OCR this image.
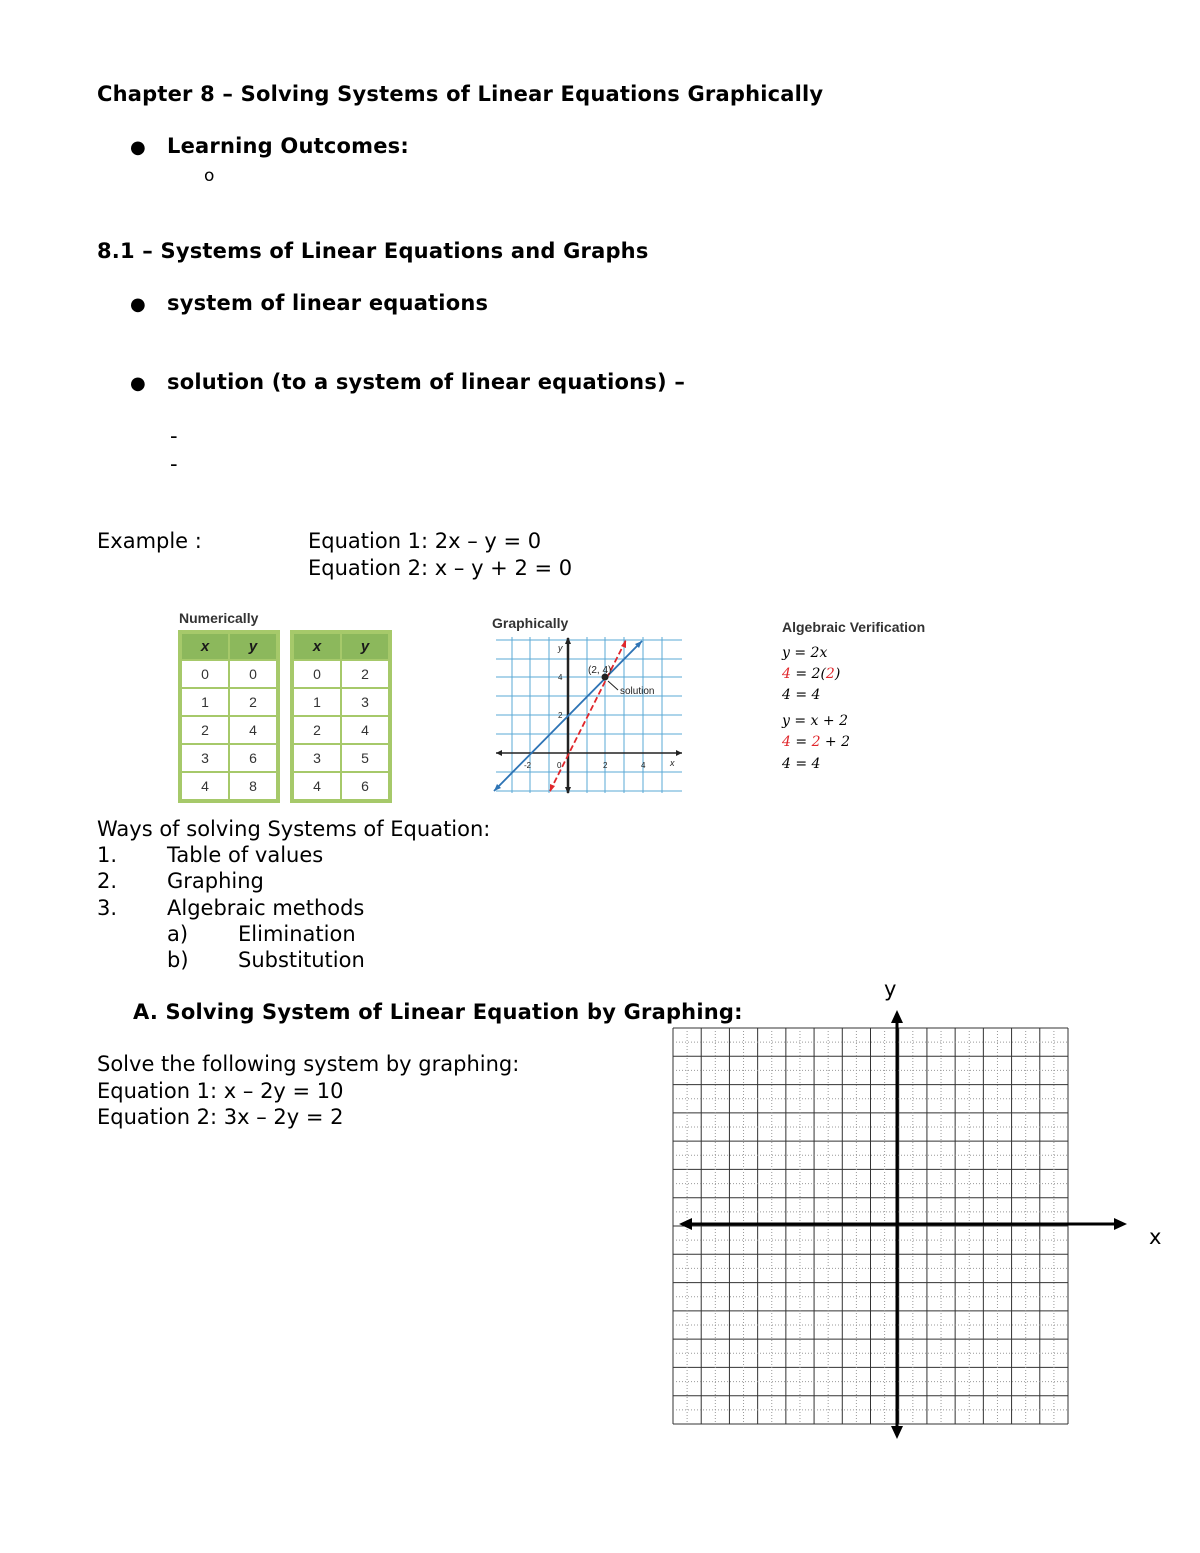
Chapter 8 – Solving Systems of Linear Equations Graphically
● Learning Outcomes:
o
8.1 – Systems of Linear Equations and Graphs
● system of linear equations
● solution (to a system of linear equations) –
-
-
Example :	Equation 1: 2x – y = 0
Equation 2: x – y + 2 = 0
Numerically
x	y
0	0
1	2
2	4
3	6
4	8
x	y
0	2
1	3
2	4
3	5
4	6
Graphically
(2, 4)
solution
y
x
4
2
-2	0	2	4
Algebraic Verification
y = 2x
4 = 2(2)
4 = 4
y = x + 2
4 = 2 + 2
4 = 4
Ways of solving Systems of Equation:
1. Table of values
2. Graphing
3. Algebraic methods
a) Elimination
b) Substitution
A. Solving System of Linear Equation by Graphing:
Solve the following system by graphing:
Equation 1: x – 2y = 10
Equation 2: 3x – 2y = 2
y
x
